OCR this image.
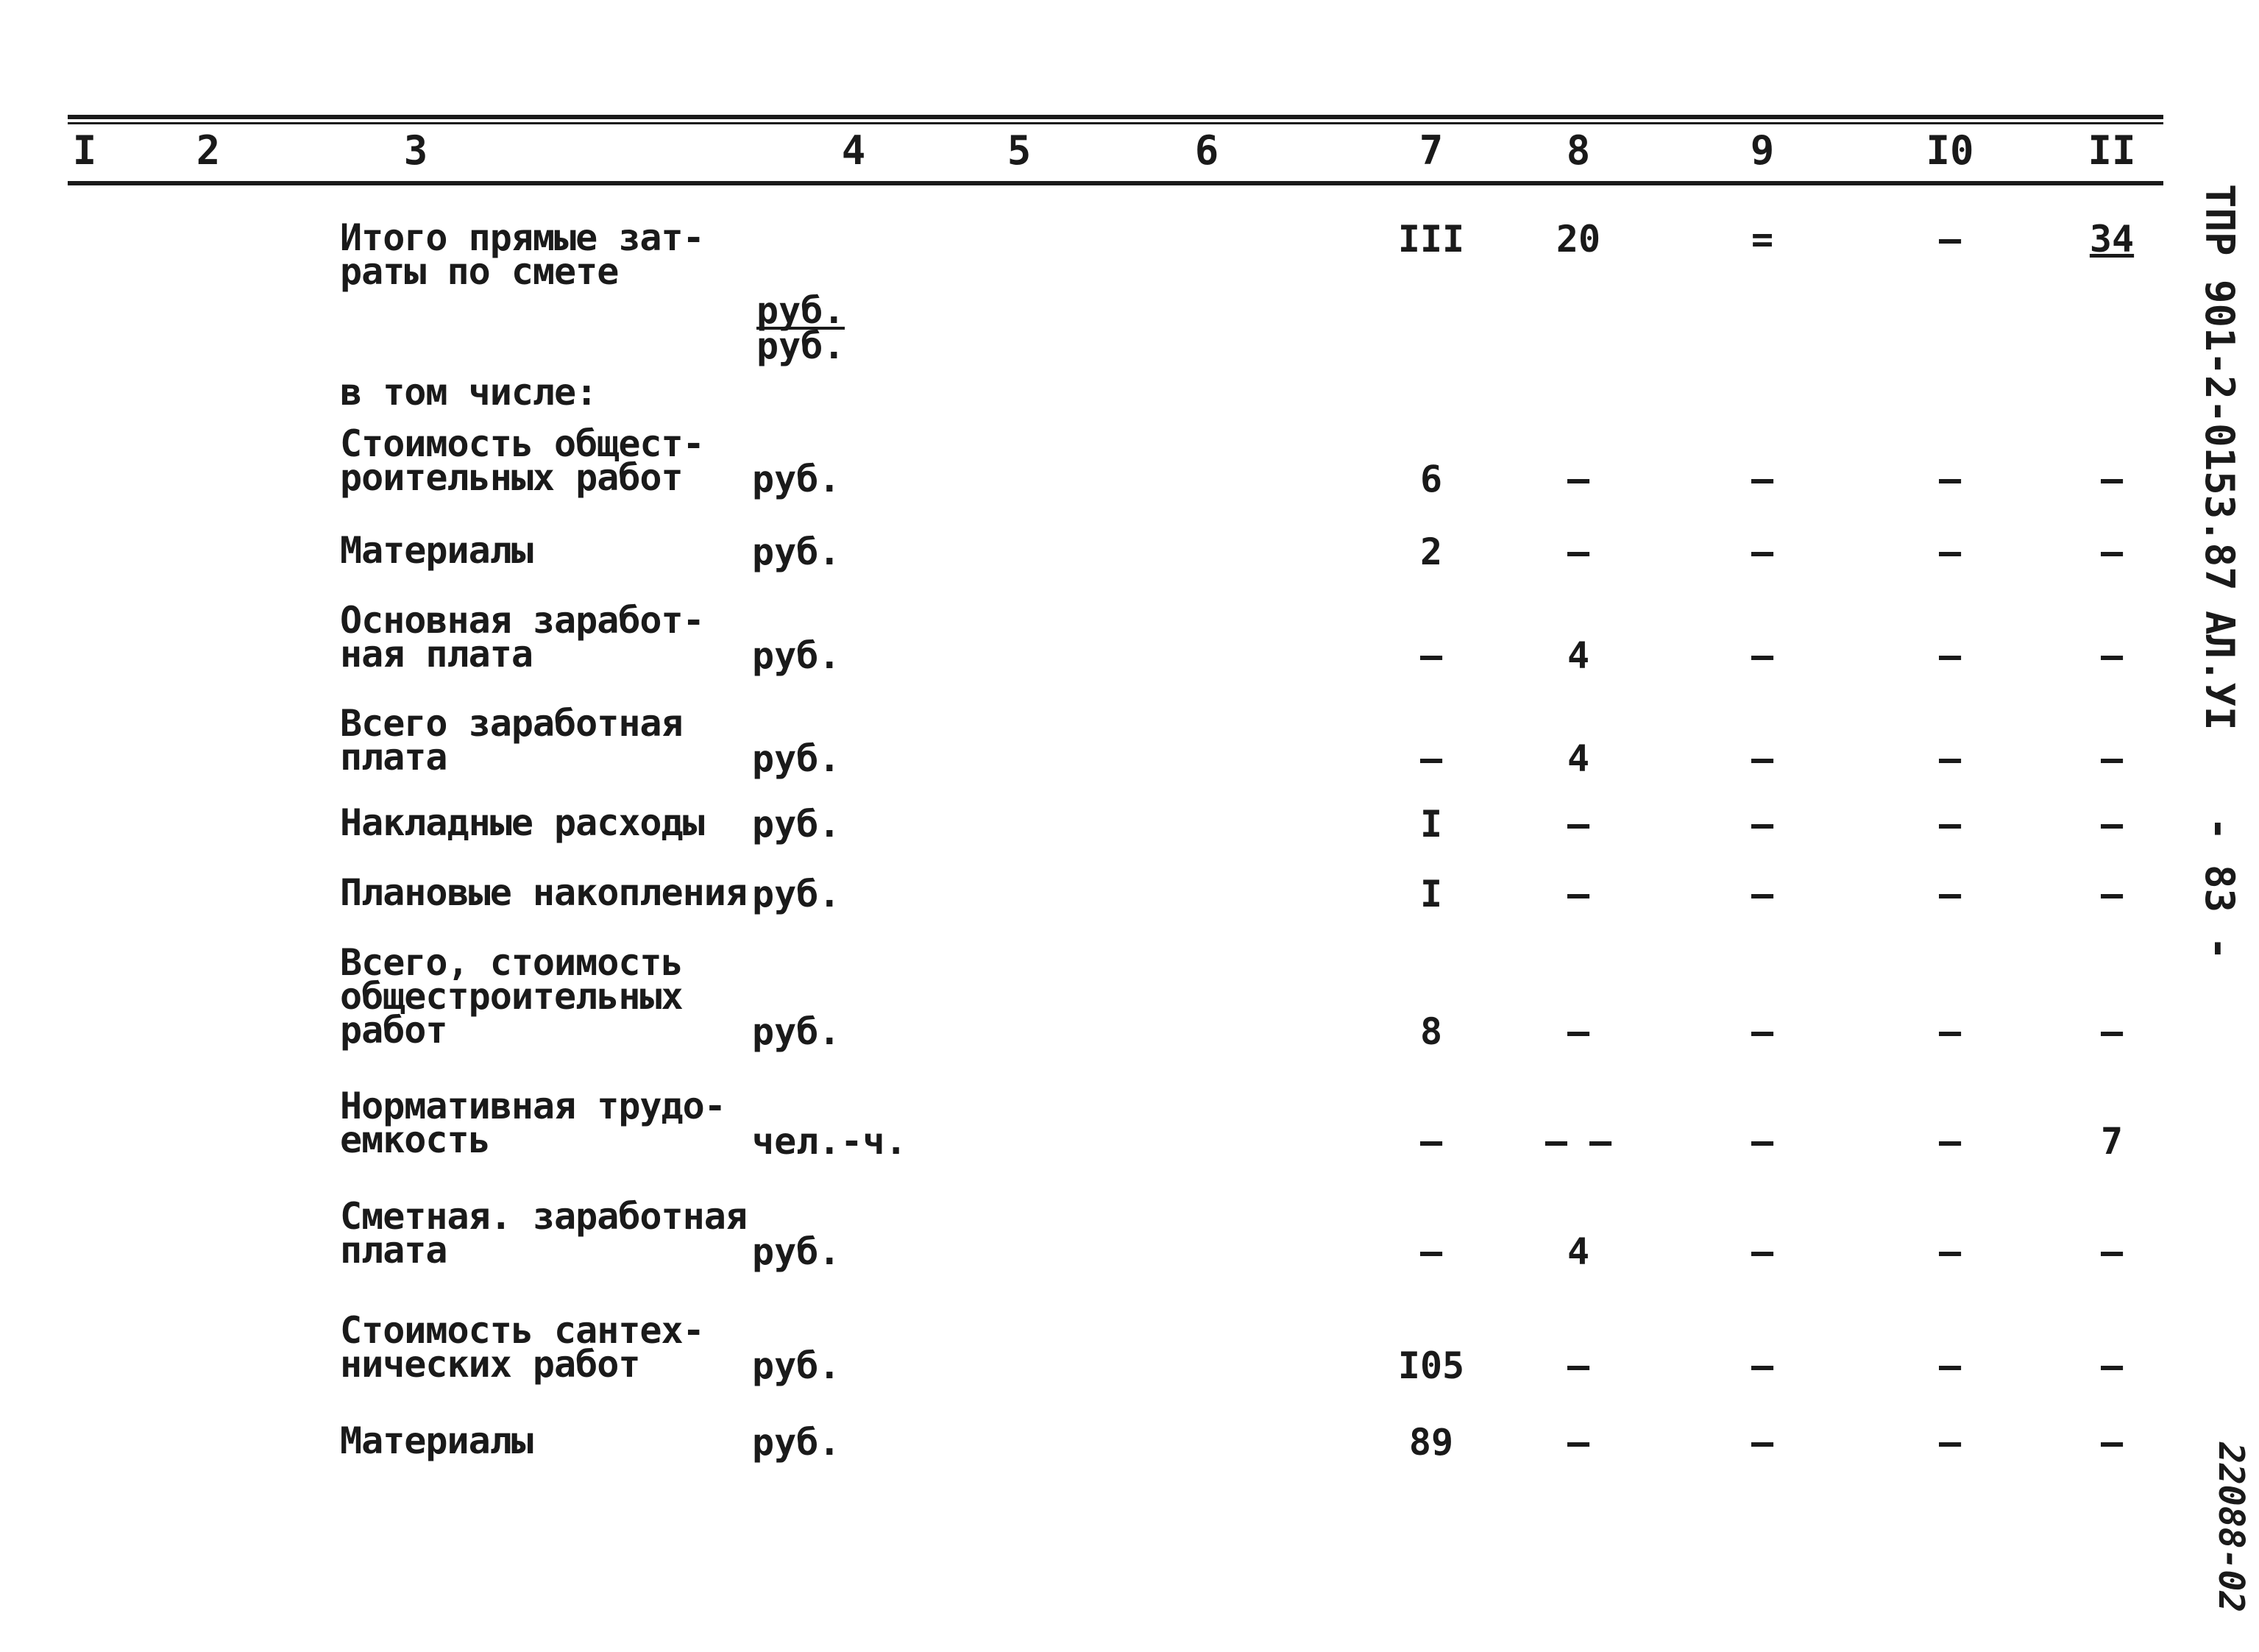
I	2	3	4	5	6	7	8	9	I0	II
Итого прямые зат-
раты по смете
руб.
руб.
III	20	=	–	34
в том числе:
Стоимость общест-
роительных работ	руб.	6	–	–	–	–
Материалы	руб.	2	–	–	–	–
Основная заработ-
ная плата	руб.	–	4	–	–	–
Всего заработная
плата	руб.	–	4	–	–	–
Накладные расходы руб.	I	–	–	–	–
Плановые накопления руб.	I	–	–	–	–
Всего, стоимость
общестроительных
работ	руб.	8	–	–	–	–
Нормативная трудо-
емкость	чел.-ч.	–	– –	–	–	7
Сметная. заработная
плата	руб.	–	4	–	–	–
Стоимость сантех-
нических работ	руб.	I05	–	–	–	–
Материалы	руб.	89	–	–	–	–
ТПР 901-2-0153.87
АЛ.УI
- 83 -
22088-02
